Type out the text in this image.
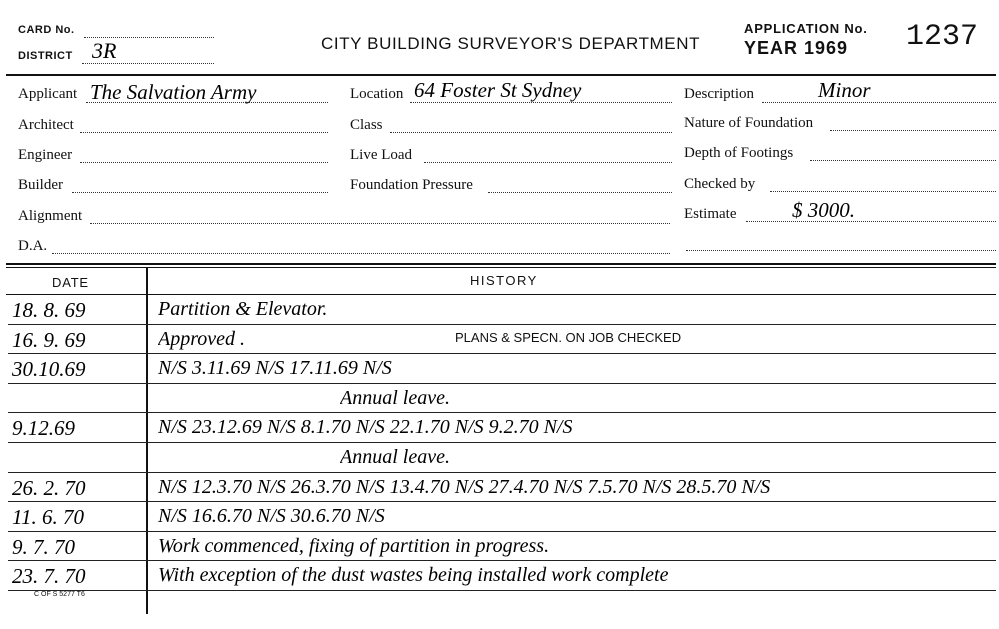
CARD No.
DISTRICT 3R	CITY BUILDING SURVEYOR'S DEPARTMENT
APPLICATION No.
YEAR 1969 1237
Applicant The Salvation Army
Architect
Engineer
Builder
Alignment
D.A.
Location 64 Foster St Sydney
Class
Live Load
Foundation Pressure
Description	Minor
Nature of Foundation
Depth of Footings
Checked by
Estimate	$ 3000.
DATE	HISTORY
18. 8. 69	Partition & Elevator.
16. 9. 69	Approved .	PLANS & SPECN. ON JOB CHECKED
30.10.69	N/S 3.11.69 N/S 17.11.69 N/S
Annual leave.
9.12.69	N/S 23.12.69 N/S 8.1.70 N/S 22.1.70 N/S 9.2.70 N/S
Annual leave.
26. 2. 70	N/S 12.3.70 N/S 26.3.70 N/S 13.4.70 N/S 27.4.70 N/S 7.5.70 N/S 28.5.70 N/S
11. 6. 70	N/S 16.6.70 N/S 30.6.70 N/S
9. 7. 70	Work commenced, fixing of partition in progress.
23. 7. 70	With exception of the dust wastes being installed work complete
C OF S 5277 T6
